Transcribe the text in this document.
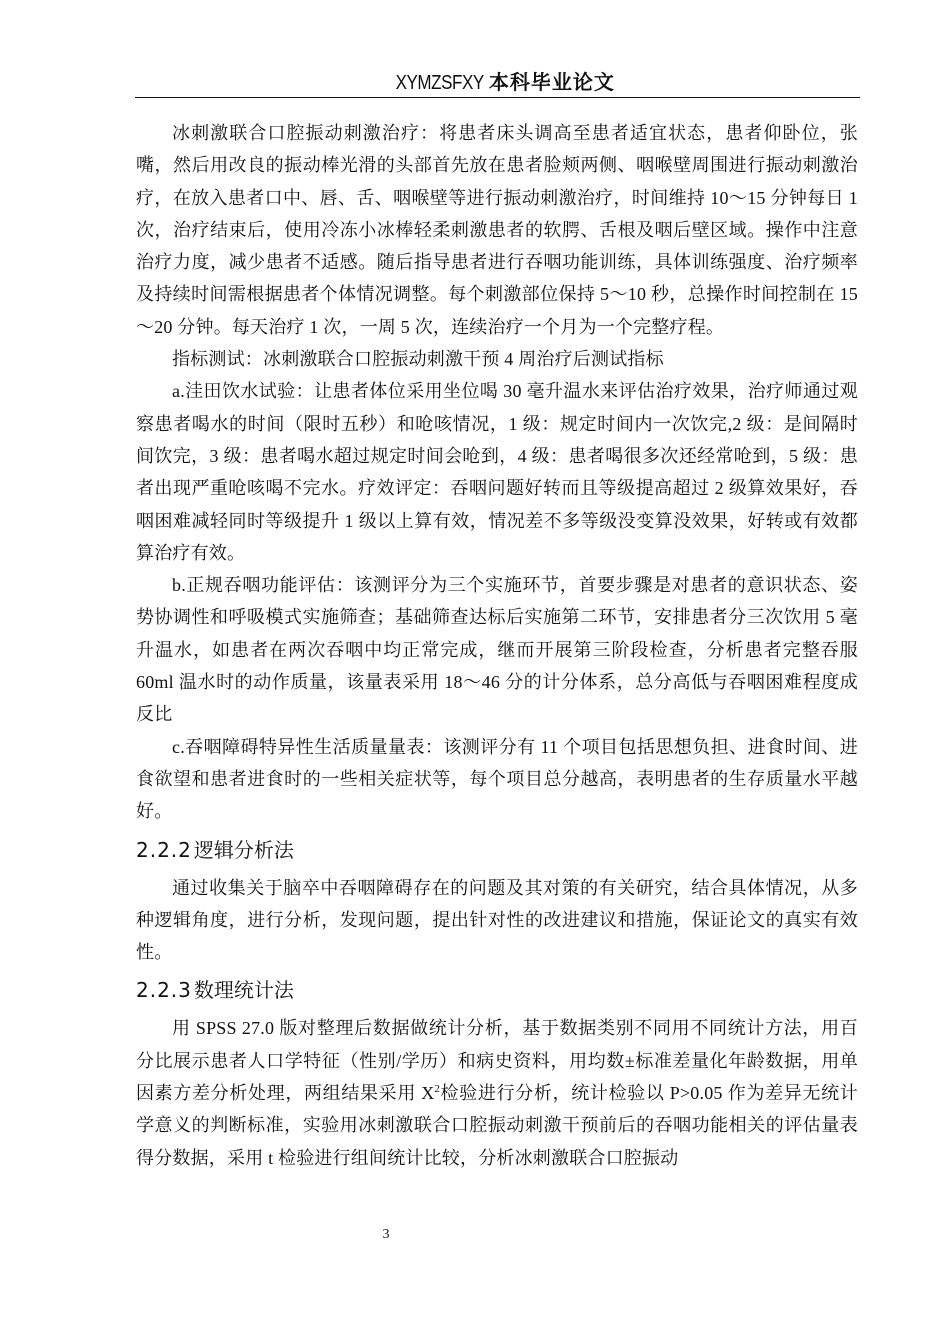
XYMZSFXY 本科毕业论文

冰刺激联合口腔振动刺激治疗：将患者床头调高至患者适宜状态，患者仰卧位，张嘴，然后用改良的振动棒光滑的头部首先放在患者脸颊两侧、咽喉壁周围进行振动刺激治疗，在放入患者口中、唇、舌、咽喉壁等进行振动刺激治疗，时间维持 10～15 分钟每日 1 次，治疗结束后，使用冷冻小冰棒轻柔刺激患者的软腭、舌根及咽后壁区域。操作中注意治疗力度，减少患者不适感。随后指导患者进行吞咽功能训练，具体训练强度、治疗频率及持续时间需根据患者个体情况调整。每个刺激部位保持 5～10 秒，总操作时间控制在 15～20 分钟。每天治疗 1 次，一周 5 次，连续治疗一个月为一个完整疗程。

指标测试：冰刺激联合口腔振动刺激干预 4 周治疗后测试指标

a.洼田饮水试验：让患者体位采用坐位喝 30 毫升温水来评估治疗效果，治疗师通过观察患者喝水的时间（限时五秒）和呛咳情况，1 级：规定时间内一次饮完,2 级：是间隔时间饮完，3 级：患者喝水超过规定时间会呛到，4 级：患者喝很多次还经常呛到，5 级：患者出现严重呛咳喝不完水。疗效评定：吞咽问题好转而且等级提高超过 2 级算效果好，吞咽困难减轻同时等级提升 1 级以上算有效，情况差不多等级没变算没效果，好转或有效都算治疗有效。

b.正规吞咽功能评估：该测评分为三个实施环节，首要步骤是对患者的意识状态、姿势协调性和呼吸模式实施筛查；基础筛查达标后实施第二环节，安排患者分三次饮用 5 毫升温水，如患者在两次吞咽中均正常完成，继而开展第三阶段检查，分析患者完整吞服 60ml 温水时的动作质量，该量表采用 18～46 分的计分体系，总分高低与吞咽困难程度成反比

c.吞咽障碍特异性生活质量量表：该测评分有 11 个项目包括思想负担、进食时间、进食欲望和患者进食时的一些相关症状等，每个项目总分越高，表明患者的生存质量水平越好。

2.2.2 逻辑分析法

通过收集关于脑卒中吞咽障碍存在的问题及其对策的有关研究，结合具体情况，从多种逻辑角度，进行分析，发现问题，提出针对性的改进建议和措施，保证论文的真实有效性。

2.2.3 数理统计法

用 SPSS 27.0 版对整理后数据做统计分析，基于数据类别不同用不同统计方法，用百分比展示患者人口学特征（性别/学历）和病史资料，用均数±标准差量化年龄数据，用单因素方差分析处理，两组结果采用 $X^2$检验进行分析，统计检验以 P>0.05 作为差异无统计学意义的判断标准，实验用冰刺激联合口腔振动刺激干预前后的吞咽功能相关的评估量表得分数据，采用 t 检验进行组间统计比较，分析冰刺激联合口腔振动

3
